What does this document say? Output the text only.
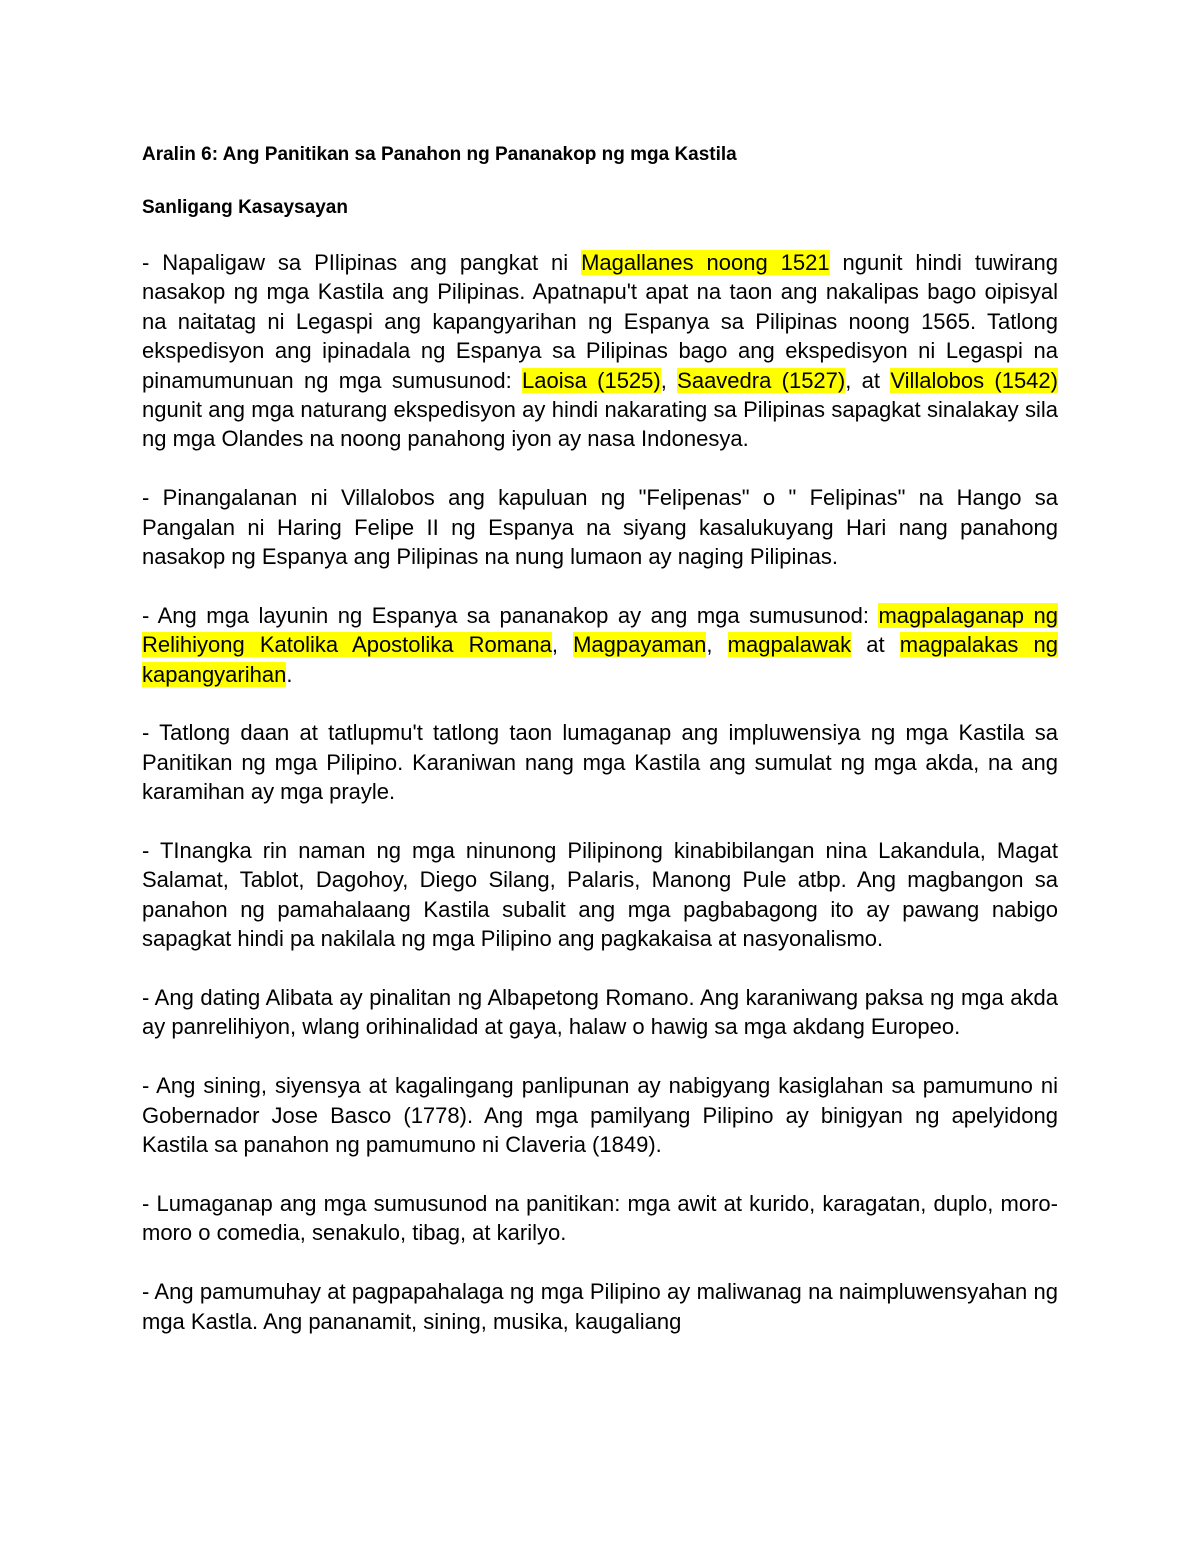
Aralin 6: Ang Panitikan sa Panahon ng Pananakop ng mga Kastila
Sanligang Kasaysayan
- Napaligaw sa PIlipinas ang pangkat ni Magallanes noong 1521 ngunit hindi tuwirang nasakop ng mga Kastila ang Pilipinas. Apatnapu't apat na taon ang nakalipas bago oipisyal na naitatag ni Legaspi ang kapangyarihan ng Espanya sa Pilipinas noong 1565. Tatlong ekspedisyon ang ipinadala ng Espanya sa Pilipinas bago ang ekspedisyon ni Legaspi na pinamumunuan ng mga sumusunod: Laoisa (1525), Saavedra (1527), at Villalobos (1542) ngunit ang mga naturang ekspedisyon ay hindi nakarating sa Pilipinas sapagkat sinalakay sila ng mga Olandes na noong panahong iyon ay nasa Indonesya.
- Pinangalanan ni Villalobos ang kapuluan ng "Felipenas" o " Felipinas" na Hango sa Pangalan ni Haring Felipe II ng Espanya na siyang kasalukuyang Hari nang panahong nasakop ng Espanya ang Pilipinas na nung lumaon ay naging Pilipinas.
- Ang mga layunin ng Espanya sa pananakop ay ang mga sumusunod: magpalaganap ng Relihiyong Katolika Apostolika Romana, Magpayaman, magpalawak at magpalakas ng kapangyarihan.
- Tatlong daan at tatlupmu't tatlong taon lumaganap ang impluwensiya ng mga Kastila sa Panitikan ng mga Pilipino. Karaniwan nang mga Kastila ang sumulat ng mga akda, na ang karamihan ay mga prayle.
- TInangka rin naman ng mga ninunong Pilipinong kinabibilangan nina Lakandula, Magat Salamat, Tablot, Dagohoy, Diego Silang, Palaris, Manong Pule atbp. Ang magbangon sa panahon ng pamahalaang Kastila subalit ang mga pagbabagong ito ay pawang nabigo sapagkat hindi pa nakilala ng mga Pilipino ang pagkakaisa at nasyonalismo.
- Ang dating Alibata ay pinalitan ng Albapetong Romano. Ang karaniwang paksa ng mga akda ay panrelihiyon, wlang orihinalidad at gaya, halaw o hawig sa mga akdang Europeo.
- Ang sining, siyensya at kagalingang panlipunan ay nabigyang kasiglahan sa pamumuno ni Gobernador Jose Basco (1778). Ang mga pamilyang Pilipino ay binigyan ng apelyidong Kastila sa panahon ng pamumuno ni Claveria (1849).
- Lumaganap ang mga sumusunod na panitikan: mga awit at kurido, karagatan, duplo, moro-moro o comedia, senakulo, tibag, at karilyo.
- Ang pamumuhay at pagpapahalaga ng mga Pilipino ay maliwanag na naimpluwensyahan ng mga Kastla. Ang pananamit, sining, musika, kaugaliang
